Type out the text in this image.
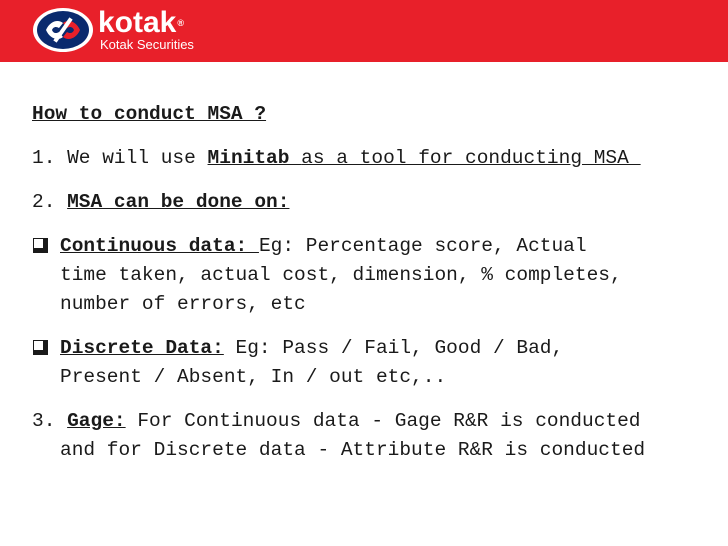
kotak®
Kotak Securities
How to conduct MSA ?
1. We will use Minitab as a tool for conducting MSA_
2. MSA can be done on:
Continuous data: Eg: Percentage score, Actual
time taken, actual cost, dimension, % completes,
number of errors, etc
Discrete Data: Eg: Pass / Fail, Good / Bad,
Present / Absent, In / out etc,..
3. Gage: For Continuous data - Gage R&R is conducted
and for Discrete data - Attribute R&R is conducted
